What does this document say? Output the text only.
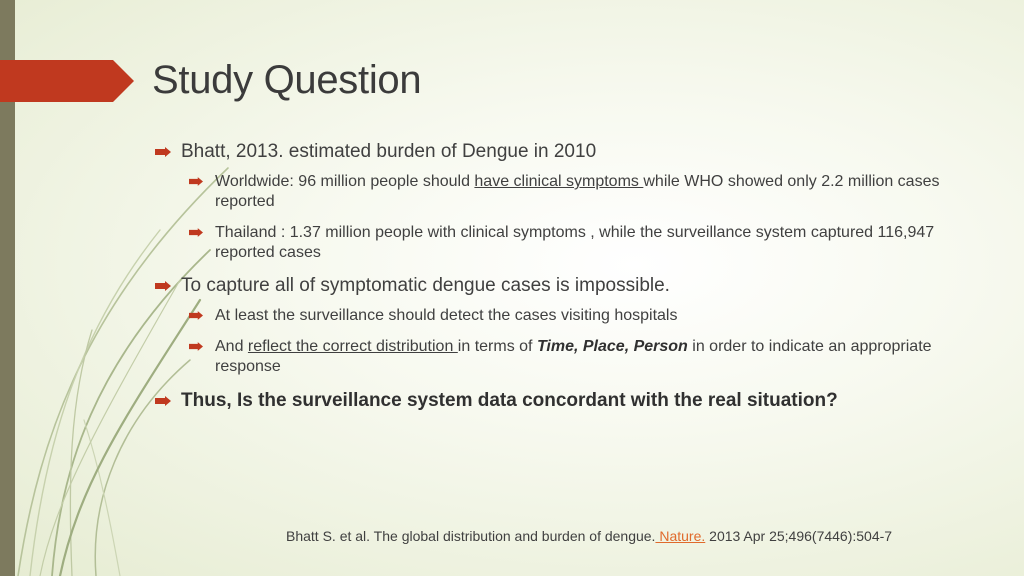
Study Question
Bhatt, 2013. estimated burden of Dengue in 2010
Worldwide: 96 million people should have clinical symptoms while WHO showed only 2.2 million cases reported
Thailand : 1.37 million people with clinical symptoms , while the surveillance system captured 116,947 reported cases
To capture all of symptomatic dengue cases is impossible.
At least the surveillance should detect the cases visiting hospitals
And reflect the correct distribution in terms of Time, Place, Person in order to indicate an appropriate response
Thus, Is the surveillance system data concordant with the real situation?
Bhatt S. et al. The global distribution and burden of dengue. Nature. 2013 Apr 25;496(7446):504-7
